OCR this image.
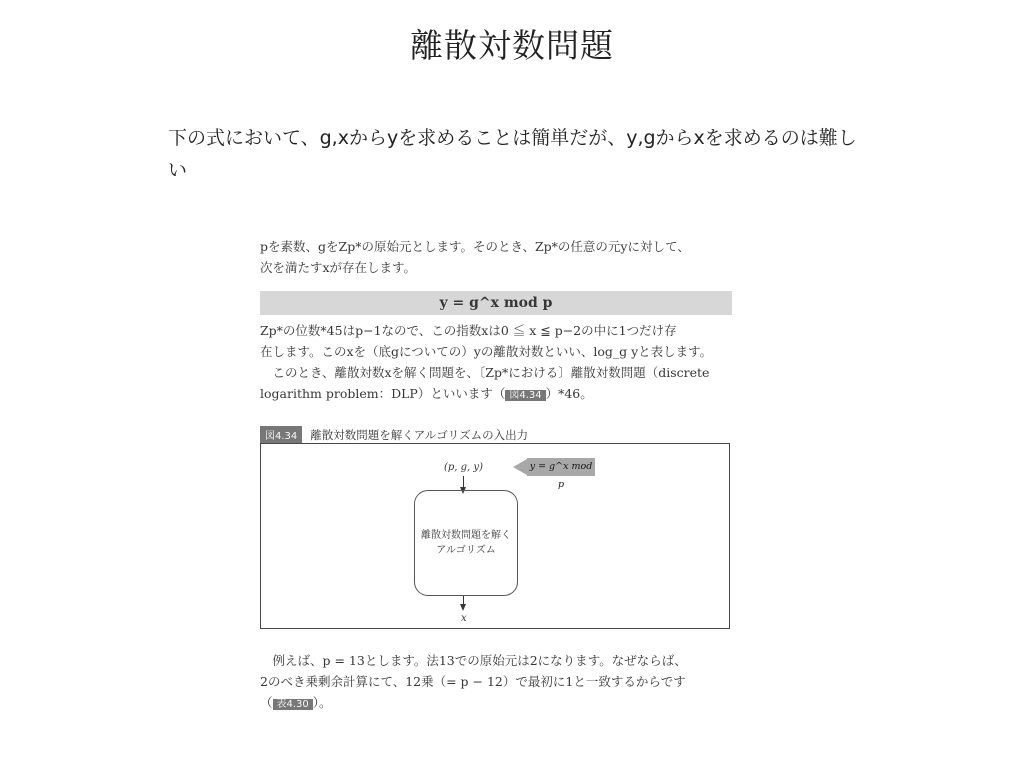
離散対数問題
下の式において、g,xからyを求めることは簡単だが、y,gからxを求めるのは難しい
pを素数、gをZp*の原始元とします。そのとき、Zp*の任意の元yに対して、
次を満たすxが存在します。
y = g^x mod p
Zp*の位数*45はp−1なので、この指数xは0 ≦ x ≦ p−2の中に1つだけ存
在します。このxを（底gについての）yの離散対数といい、log_g yと表します。
　このとき、離散対数xを解く問題を、〔Zp*における〕離散対数問題（discrete
logarithm problem：DLP）といいます（ 図4.34 ）*46。
図4.34	離散対数問題を解くアルゴリズムの入出力
(p, g, y)	y = g^x mod p
離散対数問題を解く
アルゴリズム
x
　例えば、p = 13とします。法13での原始元は2になります。なぜならば、
2のべき乗剰余計算にて、12乗（= p − 12）で最初に1と一致するからです
（ 表4.30 ）。
